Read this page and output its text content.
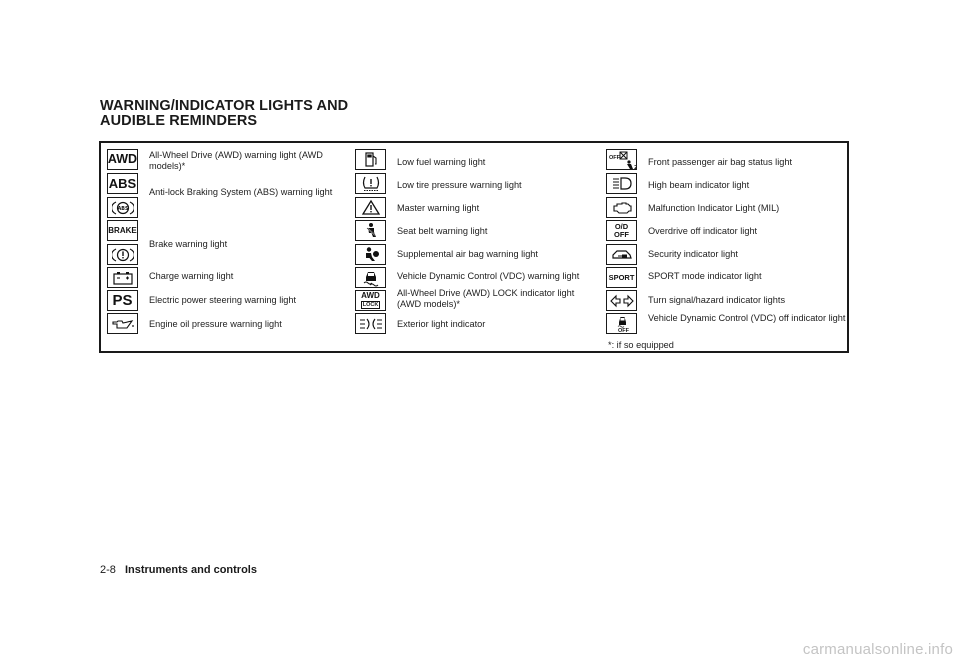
WARNING/INDICATOR LIGHTS AND
AUDIBLE REMINDERS
AWD All-Wheel Drive (AWD) warning light (AWD models)*
ABS
Anti-lock Braking System (ABS) warning light
ABS
BRAKE
Brake warning light
Charge warning light
PS Electric power steering warning light
Engine oil pressure warning light
Low fuel warning light
Low tire pressure warning light
Master warning light
Seat belt warning light
Supplemental air bag warning light
Vehicle Dynamic Control (VDC) warning light
AWD
LOCK
All-Wheel Drive (AWD) LOCK indicator light (AWD models)*
Exterior light indicator
OFF
2
Front passenger air bag status light
High beam indicator light
Malfunction Indicator Light (MIL)
O/D
OFF Overdrive off indicator light
Security indicator light
SPORT SPORT mode indicator light
Turn signal/hazard indicator lights
OFF
Vehicle Dynamic Control (VDC) off indicator light
*: if so equipped
2-8 Instruments and controls
carmanualsonline.info
